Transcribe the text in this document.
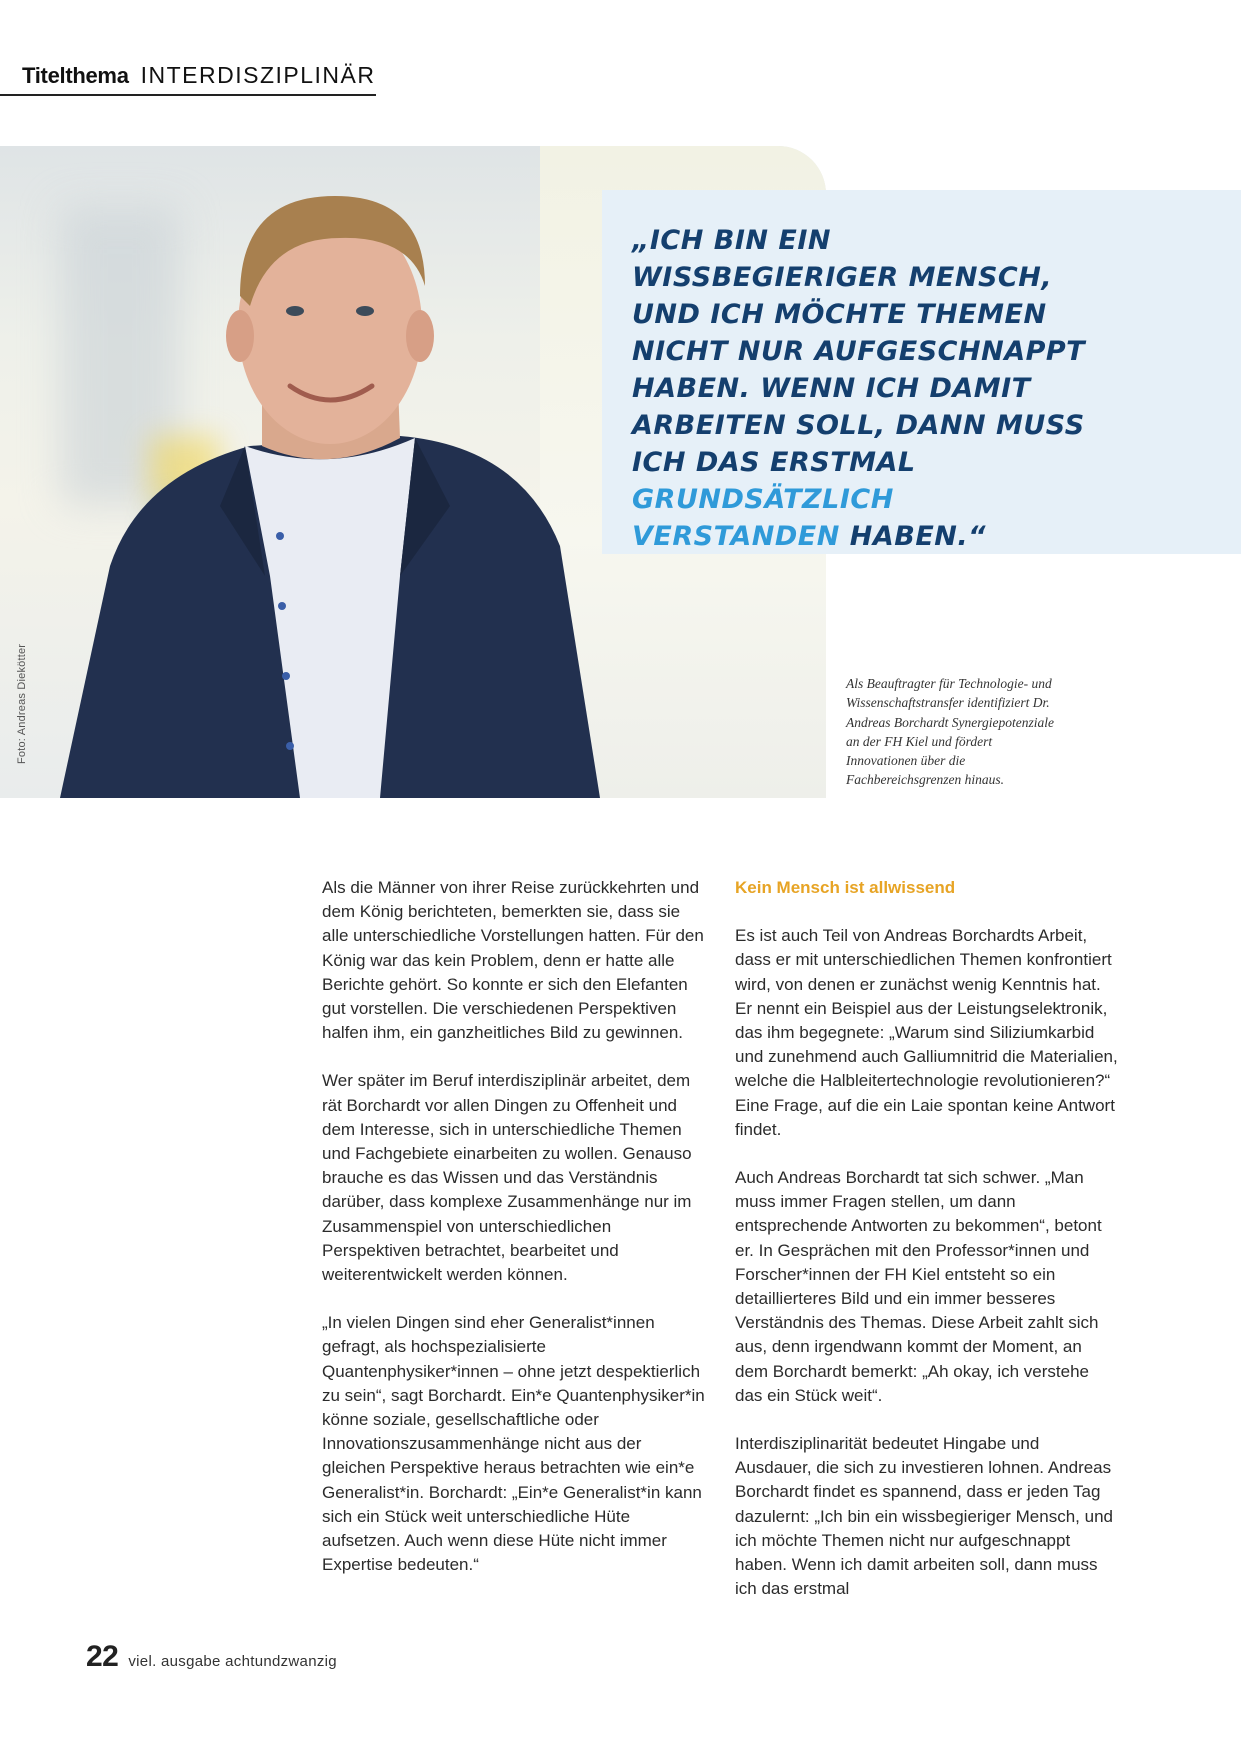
Titelthema INTERDISZIPLINÄR
Foto: Andreas Diekötter

„ICH BIN EIN WISSBEGIERIGER MENSCH, UND ICH MÖCHTE THEMEN NICHT NUR AUFGESCHNAPPT HABEN. WENN ICH DAMIT ARBEITEN SOLL, DANN MUSS ICH DAS ERSTMAL GRUNDSÄTZLICH VERSTANDEN HABEN.“

Als Beauftragter für Technologie- und Wissenschaftstransfer identifiziert Dr. Andreas Borchardt Synergiepotenziale an der FH Kiel und fördert Innovationen über die Fachbereichsgrenzen hinaus.

Als die Männer von ihrer Reise zurückkehrten und dem König berichteten, bemerkten sie, dass sie alle unterschiedliche Vorstellungen hatten. Für den König war das kein Problem, denn er hatte alle Berichte gehört. So konnte er sich den Elefanten gut vorstellen. Die verschiedenen Perspektiven halfen ihm, ein ganzheitliches Bild zu gewinnen.

Wer später im Beruf interdisziplinär arbeitet, dem rät Borchardt vor allen Dingen zu Offenheit und dem Interesse, sich in unterschiedliche Themen und Fachgebiete einarbeiten zu wollen. Genauso brauche es das Wissen und das Verständnis darüber, dass komplexe Zusammenhänge nur im Zusammenspiel von unterschiedlichen Perspektiven betrachtet, bearbeitet und weiterentwickelt werden können.

„In vielen Dingen sind eher Generalist*innen gefragt, als hochspezialisierte Quantenphysiker*innen – ohne jetzt despektierlich zu sein“, sagt Borchardt. Ein*e Quantenphysiker*in könne soziale, gesellschaftliche oder Innovationszusammenhänge nicht aus der gleichen Perspektive heraus betrachten wie ein*e Generalist*in. Borchardt: „Ein*e Generalist*in kann sich ein Stück weit unterschiedliche Hüte aufsetzen. Auch wenn diese Hüte nicht immer Expertise bedeuten.“

Kein Mensch ist allwissend

Es ist auch Teil von Andreas Borchardts Arbeit, dass er mit unterschiedlichen Themen konfrontiert wird, von denen er zunächst wenig Kenntnis hat. Er nennt ein Beispiel aus der Leistungselektronik, das ihm begegnete: „Warum sind Siliziumkarbid und zunehmend auch Galliumnitrid die Materialien, welche die Halbleitertechnologie revolutionieren?“ Eine Frage, auf die ein Laie spontan keine Antwort findet.

Auch Andreas Borchardt tat sich schwer. „Man muss immer Fragen stellen, um dann entsprechende Antworten zu bekommen“, betont er. In Gesprächen mit den Professor*innen und Forscher*innen der FH Kiel entsteht so ein detaillierteres Bild und ein immer besseres Verständnis des Themas. Diese Arbeit zahlt sich aus, denn irgendwann kommt der Moment, an dem Borchardt bemerkt: „Ah okay, ich verstehe das ein Stück weit“.

Interdisziplinarität bedeutet Hingabe und Ausdauer, die sich zu investieren lohnen. Andreas Borchardt findet es spannend, dass er jeden Tag dazulernt: „Ich bin ein wissbegieriger Mensch, und ich möchte Themen nicht nur aufgeschnappt haben. Wenn ich damit arbeiten soll, dann muss ich das erstmal

22 viel. ausgabe achtundzwanzig
